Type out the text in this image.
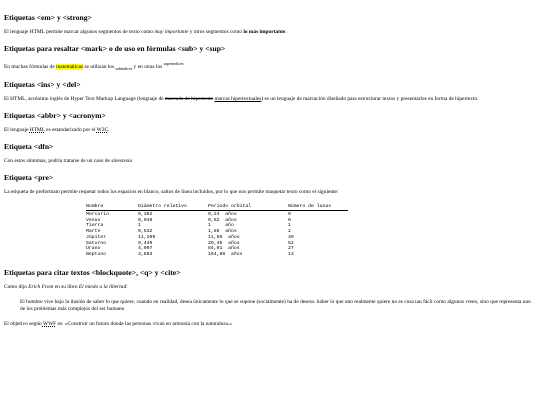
Etiquetas <em> y <strong>

El lenguaje HTML permite marcar algunos segmentos de texto como muy importante y otros segmentos como lo más importante.

Etiquetas para resaltar <mark> o de uso en fórmulas <sub> y <sup>

En muchas fórmulas de matemáticas se utilizan los $_{subíndices}$ y en otras los $^{superíndices}$

Etiquetas <ins> y <del>

El HTML, acrónimo inglés de Hyper Text Markup Language (lenguaje de marcado de hipertexto marcas hipertextuales) es un lenguaje de marcación diseñado para estructurar textos y presentarlos en forma de hipertexto.

Etiquetas <abbr> y <acronym>

El lenguaje HTML es estandarizado por el W3C.

Etiqueta <dfn>

Con estos síntomas, podría tratarse de un caso de sinestesia

Etiqueta <pre>

La etiqueta de preformato permite respetar todos los espacios en blanco, saltos de línea incluidos, por lo que nos permite maquetar texto como el siguiente:

Nombre	Diámetro relativo	Periodo orbital	Número de lunas
Mercurio	0,382	0,24  años	0
Venus	0,949	0,62  años	0
Tierra	1	1     año	1
Marte	0,532	1,88  años	2
Júpiter	11,209	11,86  años	49
Saturno	9,449	29,46  años	52
Urano	4,007	84,01  años	27
Neptuno	3,883	164,80  años	13
Etiquetas para citar textos <blockquote>, <q> y <cite>

Como dijo Erich From en su libro El miedo a la libertad:

El hombre vive bajo la ilusión de saber lo que quiere, cuando en realidad, desea únicamente lo que se supone (socialmente) ha de desera. Saber lo que uno realmente quiere no es cosa tan fácil como algunos creen, sino que representa uno de los problemas más complejos del ser humano

El objetivo según WWF es: «Construir un futuro donde las personas vivan en armonía con la naturaleza.»
